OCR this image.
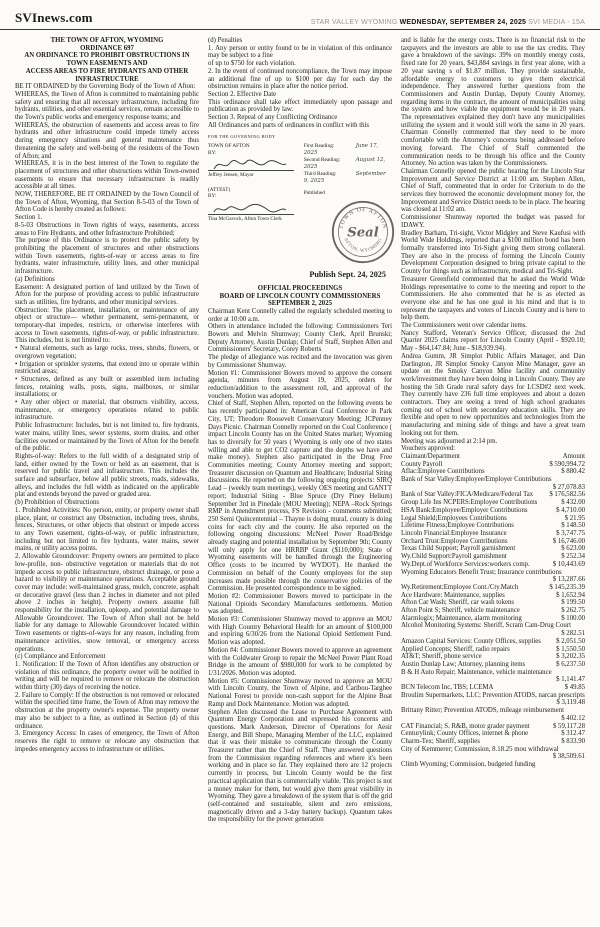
SVInews.com	STAR VALLEY WYOMING WEDNESDAY, SEPTEMBER 24, 2025 SVI MEDIA - 15A
THE TOWN OF AFTON, WYOMING
ORDINANCE 697
AN ORDINANCE TO PROHIBIT OBSTRUCTIONS IN TOWN EASEMENTS AND
ACCESS AREAS TO FIRE HYDRANTS AND OTHER INFRASTRUCTURE
BE IT ORDAINED by the Governing Body of the Town of Afton:
WHEREAS, the Town of Afton is committed to maintaining public safety and ensuring that all necessary infrastructure, including fire hydrants, utilities, and other essential services, remain accessible to the Town's public works and emergency response teams; and
WHEREAS, the obstruction of easements and access areas to fire hydrants and other infrastructure could impede timely access during emergency situations and general maintenance thus threatening the safety and well-being of the residents of the Town of Afton; and
WHEREAS, it is in the best interest of the Town to regulate the placement of structures and other obstructions within Town-owned easements to ensure that necessary infrastructure is readily accessible at all times.
NOW, THEREFORE, BE IT ORDAINED by the Town Council of the Town of Afton, Wyoming, that Section 8-5-03 of the Town of Afton Code is hereby created as follows:
Section 1.
8-5-03 Obstructions in Town rights of ways, easements, access areas to Fire Hydrants, and other Infrastructure Prohibited;
The purpose of this Ordinance is to protect the public safety by prohibiting the placement of structures and other obstructions within Town easements, rights-of-way or access areas to fire hydrants, water infrastructure, utility lines, and other municipal infrastructure.
(a) Definitions
Easement: A designated portion of land utilized by the Town of Afton for the purpose of providing access to public infrastructure such as utilities, fire hydrants, and other municipal services.
Obstruction: The placement, installation, or maintenance of any object or structure— whether permanent, semi-permanent, or temporary-that impedes, restricts, or otherwise interferes with access to Town easements, rights-of-way, or public infrastructure. This includes, but is not limited to:
• Natural elements, such as large rocks, trees, shrubs, flowers, or overgrown vegetation;
• Irrigation or sprinkler systems, that extend into or operate within restricted areas;
• Structures, defined as any built or assembled item including fences, retaining walls, posts, signs, mailboxes, or similar installations; or
• Any other object or material, that obstructs visibility, access, maintenance, or emergency operations related to public infrastructure.
Public Infrastructure: Includes, but is not limited to, fire hydrants, water mains, utility lines, sewer systems, storm drains, and other facilities owned or maintained by the Town of Afton for the benefit of the public.
Rights-of-way: Refers to the full width of a designated strip of land, either owned by the Town or held as an easement, that is reserved for public travel and infrastructure. This includes the surface and subsurface, below all public streets, roads, sidewalks, alleys, and includes the full width as indicated on the applicable plat and extends beyond the paved or graded area.
(b) Prohibition of Obstructions
1. Prohibited Activities: No person, entity, or property owner shall place, plant, or construct any Obstruction, including trees, shrubs, fences, Structures, or other objects that obstruct or impede access to any Town easement, rights-of-way, or public infrastructure, including but not limited to fire hydrants, water mains, sewer mains, or utility access points.
2. Allowable Groundcover: Property owners are permitted to place low-profile, non- obstructive vegetation or materials that do not impede access to public infrastructure, obstruct drainage, or pose a hazard to visibility or maintenance operations. Acceptable ground cover may include: well-maintained grass, mulch, concrete, asphalt or decorative gravel (less than 2 inches in diameter and not piled above 2 inches in height). Property owners assume full responsibility for the installation, upkeep, and potential damage to Allowable Groundcover. The Town of Afton shall not be held liable for any damage to Allowable Groundcover located within Town easements or rights-of-ways for any reason, including from maintenance activities, snow removal, or emergency access operations.
(c) Compliance and Enforcement
1. Notification: If the Town of Afton identifies any obstruction or violation of this ordinance, the property owner will be notified in writing and will be required to remove or relocate the obstruction within thirty (30) days of receiving the notice.
2. Failure to Comply: If the obstruction is not removed or relocated within the specified time frame, the Town of Afton may remove the obstruction at the property owner's expense. The property owner may also be subject to a fine, as outlined in Section (d) of this ordinance.
3. Emergency Access: In cases of emergency, the Town of Afton reserves the right to remove or relocate any obstruction that impedes emergency access to infrastructure or utilities.
(d) Penalties
1. Any person or entity found to be in violation of this ordinance may be subject to a fine
of up to $750 for each violation.
2. In the event of continued noncompliance, the Town may impose an additional fine of up to $100 per day for each day the obstruction remains in place after the notice period.
Section 2. Effective Date
This ordinance shall take effect immediately upon passage and publication as provided by law.
Section 3. Repeal of any Conflicting Ordinance
All Ordinances and parts of ordinances in conflict with this
FOR THE GOVERNING BODY
TOWN OF AFTON
BY:
Jeffrey Jensen, Mayor
(ATTEST)
BY:
Tina McGavock, Afton Town Clerk
First Reading:	June 17, 2025
Second Reading:	August 12, 2025
Third Reading:	September 9, 2025
Published
TOWN OF AFTON
AFTON, WYOMING
Seal
Publish Sept. 24, 2025
OFFICIAL PROCEEDINGS
BOARD OF LINCOLN COUNTY COMMISSIONERS
SEPTEMBER 2, 2025
Chairman Kent Connelly called the regularly scheduled meeting to order at 10:00 a.m.
Others in attendance included the following: Commissioners Teri Bowers and Melvin Shumway; County Clerk, April Brunski; Deputy Attorney, Austin Dunlap; Chief of Staff, Stephen Allen and Commissioners' Secretary, Corey Roberts
The pledge of allegiance was recited and the invocation was given by Commissioner Shumway.
Motion #1: Commissioner Bowers moved to approve the consent agenda, minutes from August 19, 2025, orders for reduction/addition to the assessment roll, and approval of the vouchers. Motion was adopted.
Chief of Staff, Stephen Allen, reported on the following events he has recently participated in: American Coal Conference in Park City, UT; Theodore Roosevelt Conservatory Meeting; JCPenney Days Picnic. Chairman Connelly reported on the Coal Conference ( impact Lincoln County has on the United States market; Wyoming has to diversify for 50 years ( Wyoming is only one of two states willing and able to get CO2 capture and the depths we have and make money). Stephen also participated in the Drug Free Communities meeting; County Attorney meeting and support; Treasurer discussion on Quantum and Healthcare; Industrial Siting discussions. He reported on the following ongoing projects: SIRQ Lead – (weekly team meetings), weekly OES meeting and GANTT report; Industrial Siting - Blue Spruce (Dry Piney Helium) September 3rd in Pinedale (MOU Meeting); NEPA –Rock Springs RMP in Amendment process, FS Revision - comments submitted; 250 Semi Quincentennial – Thayne is doing mural, county is doing coins for each city and the county. He also reported on the following ongoing discussions: McNeel Power Road/Bridge already staging and potential installation by September 9th; County will only apply for one HRRBP Grant ($110,000); State of Wyoming easements will be handled through the Engineering Office (costs to be incurred by WYDOT). He thanked the Commission on behalf of the County employees for the step increases made possible through the conservative policies of the Commission. He presented correspondence to be signed.
Motion #2: Commissioner Bowers moved to participate in the National Opioids Secondary Manufactures settlements. Motion was adopted.
Motion #3: Commissioner Shumway moved to approve an MOU with High Country Behavioral Health for an amount of $100,000 and expiring 6/30/26 from the National Opioid Settlement Fund. Motion was adopted.
Motion #4: Commissioner Bowers moved to approve an agreement with the Coldwater Group to repair the McNeel Power Plant Road Bridge in the amount of $980,000 for work to be completed by 1/31/2026. Motion was adopted.
Motion #5: Commissioner Shumway moved to approve an MOU with Lincoln County, the Town of Alpine, and Caribou-Targhee National Forest to provide non-cash support for the Alpine Boat Ramp and Dock Maintenance. Motion was adopted.
Stephen Allen discussed the Lease to Purchase Agreement with Quantum Energy Corporation and expressed his concerns and questions. Mark Anderson, Director of Operations for Aesir Energy, and Bill Shupe, Managing Member of the LLC, explained that it was their mistake to communicate through the County Treasurer rather than the Chief of Staff. They answered questions from the Commission regarding references and where it's been working and in place so far. They explained there are 12 projects currently in process, but Lincoln County would be the first practical application that is commercially viable. This project is not a money maker for them, but would give them great visibility in Wyoming. They gave a breakdown of the system that is off the grid (self-contained and sustainable, silent and zero emissions, magnetically driven and a 3-day battery backup). Quantum takes the responsibility for the power generation
and is liable for the energy costs. There is no financial risk to the taxpayers and the investors are able to use the tax credits. They gave a breakdown of the savings: 39% on monthly energy costs, fixed rate for 20 years, $43,884 savings in first year alone, with a 20 year saving s of $1.87 million. They provide sustainable, affordable energy to customers to give them electrical independence. They answered further questions from the Commissioners and Austin Dunlap, Deputy County Attorney, regarding items in the contract, the amount of municipalities using the system and how viable the equipment would be in 20 years. The representatives explained they don't have any municipalities utilizing the system and it would still work the same in 20 years. Chairman Connelly commented that they need to be more comfortable with the Attorney's concerns being addressed before moving forward. The Chief of Staff commented the communication needs to be through his office and the County Attorney. No action was taken by the Commissioners.
Chairman Connelly opened the public hearing for the Lincoln Star Improvement and Service District at 11:00 am. Stephen Allen, Chief of Staff, commented that in order for Criterium to do the services they borrowed the economic development money for, the Improvement and Service District needs to be in place. The hearing was closed at 11:02 am.
Commissioner Shumway reported the budget was passed for IDAWY.
Bradley Barham, Tri-sight, Victor Midgley and Steve Kaufusi with World Wide Holdings, reported that a $100 million bond has been formally transferred into Tri-Sight giving them strong collateral. They are also in the process of forming the Lincoln County Development Corporation designed to bring private capital to the County for things such as infrastructure, medical and Tri-Sight.
Treasurer Greenfield commented that he asked the World Wide Holdings representative to come to the meeting and report to the Commissioners. He also commented that he is as elected as everyone else and he has one goal in his mind and that is to represent the taxpayers and voters of Lincoln County and is here to help them.
The Commissioners went over calendar items.
Nancy Stafford, Veteran's Service Officer, discussed the 2nd Quarter 2025 claims report for Lincoln County (April - $920.10; May - $64,147.84; June - $18,939.94).
Andrea Gumm, JR Simplot Public Affairs Manager, and Dan Darlington, JR Simplot Smoky Canyon Mine Manager, gave an update on the Smoky Canyon Mine facility and community work/investment they have been doing in Lincoln County. They are hosting the 5th Grade rural safety days for LCSD#2 next week. They currently have 236 full time employees and about a dozen contractors. They are seeing a trend of high school graduates coming out of school with secondary education skills. They are flexible and open to new opportunities and technologies from the manufacturing and mining side of things and have a great team looking out for them.
Meeting was adjourned at 2:14 pm.
Vouchers approved:
Claimant/Department	Amount
County Payroll	$ 590,994.72
Aflac:Employee Contributions	$ 880.42
Bank of Star Valley:Employee/Employer Contributions
$ 27,078.83
Bank of Star Valley:FICA/Medicare/Federal Tax	$ 176,582.56
Group Life Ins NCPERS:Employee Contributions	$ 432.00
HSA Bank:Employee/Employer Contributions	$ 4,710.00
Legal Shield;Employees Contributions	$ 21.95
Lifetime Fitness;Employee Contributions	$ 148.50
Lincoln Financial:Employee Insurance	$ 3,747.75
Orchard Trust:Employee Contributions	$ 16,746.00
Texas Child Support; Payroll garnishment	$ 623.00
Wy.Child Support:Payroll garnishment	$ 252.34
Wy.Dept.of Workforce Services:workers comp.	$ 10,443.69
Wyoming Educators Benefit Trust; Insurance contributions
$ 13,287.66
Wy.Retirement:Employee Cont./Cty.Match	$ 145,235.39
Ace Hardware: Maintenance, supplies	$ 1,652.94
Afton Car Wash; Sheriff, car wash tokens	$ 199.50
Afton Point S; Sheriff, vehicle maintenance	$ 262.75
Alarmlogix; Maintenance, alarm monitoring	$ 100.00
Alcohol Monitoring Systems: Sheriff, Scram Cam-Drug Court
$ 282.51
Amazon Capital Services: County Offices, supplies	$ 2,051.50
Applied Concepts; Sheriff, radio repairs	$ 1,550.50
AT&T; Sheriff, phone service	$ 3,202.35
Austin Dunlap Law; Attorney, planning items	$ 6,237.50
B & H Auto Repair; Maintenance, vehicle maintenance
$ 1,141.47
BCN Telecom Inc, TBS; LCEMA	$ 49.85
Broulim Supermarkets, LLC; Prevention ATODS, narcan prescripts
$ 3,119.48
Brittany Ritter; Prevention ATODS, mileage reimbursement
$ 402.12
CAT Financial; S. R&B, motor grader payment	$ 59,117.28
Centurylink; County Offices, internet & phone	$ 312.47
Charm-Tex; Sheriff, supplies	$ 833.90
City of Kemmerer; Commission, 8.18.25 mou withdrawal
$ 38,509.61
Climb Wyoming; Commission, budgeted funding
